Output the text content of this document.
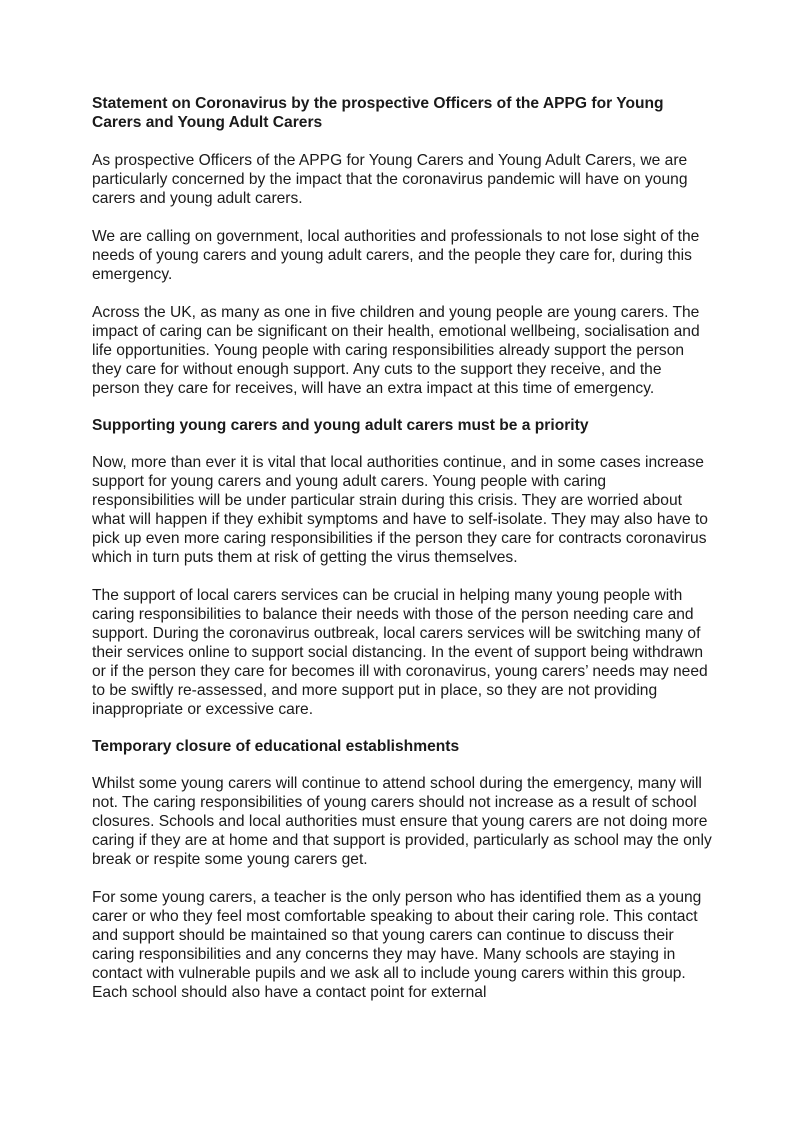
Statement on Coronavirus by the prospective Officers of the APPG for Young Carers and Young Adult Carers

As prospective Officers of the APPG for Young Carers and Young Adult Carers, we are particularly concerned by the impact that the coronavirus pandemic will have on young carers and young adult carers.

We are calling on government, local authorities and professionals to not lose sight of the needs of young carers and young adult carers, and the people they care for, during this emergency.

Across the UK, as many as one in five children and young people are young carers. The impact of caring can be significant on their health, emotional wellbeing, socialisation and life opportunities. Young people with caring responsibilities already support the person they care for without enough support. Any cuts to the support they receive, and the person they care for receives, will have an extra impact at this time of emergency.

Supporting young carers and young adult carers must be a priority

Now, more than ever it is vital that local authorities continue, and in some cases increase support for young carers and young adult carers. Young people with caring responsibilities will be under particular strain during this crisis. They are worried about what will happen if they exhibit symptoms and have to self-isolate. They may also have to pick up even more caring responsibilities if the person they care for contracts coronavirus which in turn puts them at risk of getting the virus themselves.

The support of local carers services can be crucial in helping many young people with caring responsibilities to balance their needs with those of the person needing care and support. During the coronavirus outbreak, local carers services will be switching many of their services online to support social distancing. In the event of support being withdrawn or if the person they care for becomes ill with coronavirus, young carers’ needs may need to be swiftly re-assessed, and more support put in place, so they are not providing inappropriate or excessive care.

Temporary closure of educational establishments

Whilst some young carers will continue to attend school during the emergency, many will not. The caring responsibilities of young carers should not increase as a result of school closures. Schools and local authorities must ensure that young carers are not doing more caring if they are at home and that support is provided, particularly as school may the only break or respite some young carers get.

For some young carers, a teacher is the only person who has identified them as a young carer or who they feel most comfortable speaking to about their caring role. This contact and support should be maintained so that young carers can continue to discuss their caring responsibilities and any concerns they may have. Many schools are staying in contact with vulnerable pupils and we ask all to include young carers within this group. Each school should also have a contact point for external
